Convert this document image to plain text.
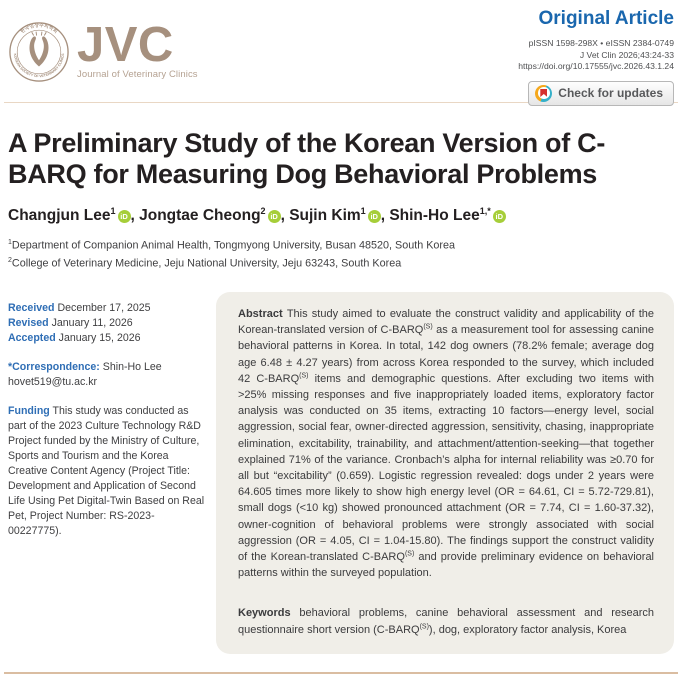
한국임상수의학회
KOREAN SOCIETY OF VETERINARY CLINICS JVC
Journal of Veterinary Clinics
Original Article
pISSN 1598-298X • eISSN 2384-0749
J Vet Clin 2026;43:24-33
https://doi.org/10.17555/jvc.2026.43.1.24
Check for updates
A Preliminary Study of the Korean Version of C-BARQ for Measuring Dog Behavioral Problems
Changjun Lee$^1$iD , Jongtae Cheong$^2$iD , Sujin Kim$^1$iD , Shin-Ho Lee$^{1,*}$iD

$^1$Department of Companion Animal Health, Tongmyong University, Busan 48520, South Korea

$^2$College of Veterinary Medicine, Jeju National University, Jeju 63243, South Korea

Received December 17, 2025

Revised January 11, 2026

Accepted January 15, 2026

*Correspondence: Shin-Ho Lee

hovet519@tu.ac.kr

Funding This study was conducted as part of the 2023 Culture Technology R&D Project funded by the Ministry of Culture, Sports and Tourism and the Korea Creative Content Agency (Project Title: Development and Application of Second Life Using Pet Digital-Twin Based on Real Pet, Project Number: RS-2023-00227775).

Abstract This study aimed to evaluate the construct validity and applicability of the Korean-translated version of $C-BARQ^{(S)}$ as a measurement tool for assessing canine behavioral patterns in Korea. In total, 142 dog owners (78.2% female; average dog age 6.48 ± 4.27 years) from across Korea responded to the survey, which included 42 $C-BARQ^{(S)}$ items and demographic questions. After excluding two items with >25% missing responses and five inappropriately loaded items, exploratory factor analysis was conducted on 35 items, extracting 10 factors—energy level, social aggression, social fear, owner-directed aggression, sensitivity, chasing, inappropriate elimination, excitability, trainability, and attachment/attention-seeking—that together explained 71% of the variance. Cronbach’s alpha for internal reliability was ≥0.70 for all but “excitability” (0.659). Logistic regression revealed: dogs under 2 years were 64.605 times more likely to show high energy level (OR = 64.61, CI = 5.72-729.81), small dogs (<10 kg) showed pronounced attachment (OR = 7.74, CI = 1.60-37.32), owner-cognition of behavioral problems were strongly associated with social aggression (OR = 4.05, CI = 1.04-15.80). The findings support the construct validity of the Korean-translated $C-BARQ^{(S)}$ and provide preliminary evidence on behavioral patterns within the surveyed population.

Keywords behavioral problems, canine behavioral assessment and research questionnaire short version $(C-BARQ^{(S)})$, dog, exploratory factor analysis, Korea
